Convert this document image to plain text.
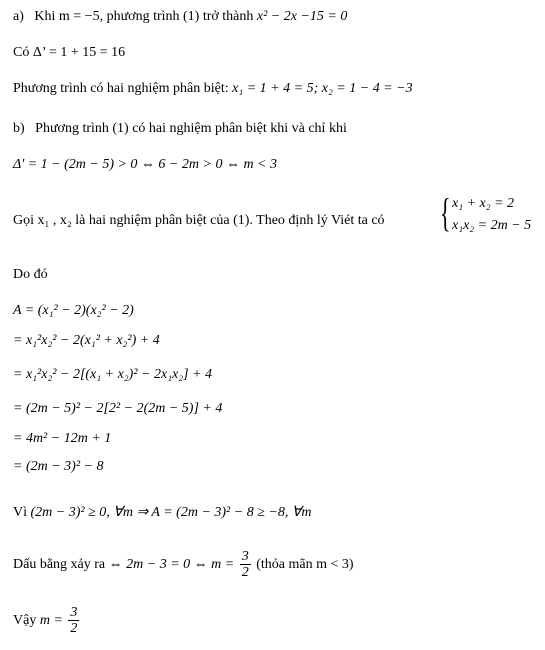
a) Khi m = −5, phương trình (1) trở thành x² − 2x −15 = 0
Có Δ’ = 1 + 15 = 16
Phương trình có hai nghiệm phân biệt: x₁ = 1 + 4 = 5; x₂ = 1 − 4 = −3
b) Phương trình (1) có hai nghiệm phân biệt khi và chỉ khi
Δ' = 1 − (2m − 5) > 0 ⇔ 6 − 2m > 0 ⇔ m < 3
Gọi x₁ , x₂ là hai nghiệm phân biệt của (1). Theo định lý Viét ta có { x₁ + x₂ = 2
x₁x₂ = 2m − 5
Do đó
A = (x₁² − 2)(x₂² − 2)
= x₁²x₂² − 2(x₁² + x₂²) + 4
= x₁²x₂² − 2[(x₁ + x₂)² − 2x₁x₂] + 4
= (2m − 5)² − 2[2² − 2(2m − 5)] + 4
= 4m² − 12m + 1
= (2m − 3)² − 8
Vì (2m − 3)² ≥ 0, ∀m ⇒ A = (2m − 3)² − 8 ≥ −8, ∀m
Dấu bằng xảy ra ⇔ 2m − 3 = 0 ⇔ $m = \frac{3}{2}$ (thỏa mãn m < 3)
Vậy $m = \frac{3}{2}$
